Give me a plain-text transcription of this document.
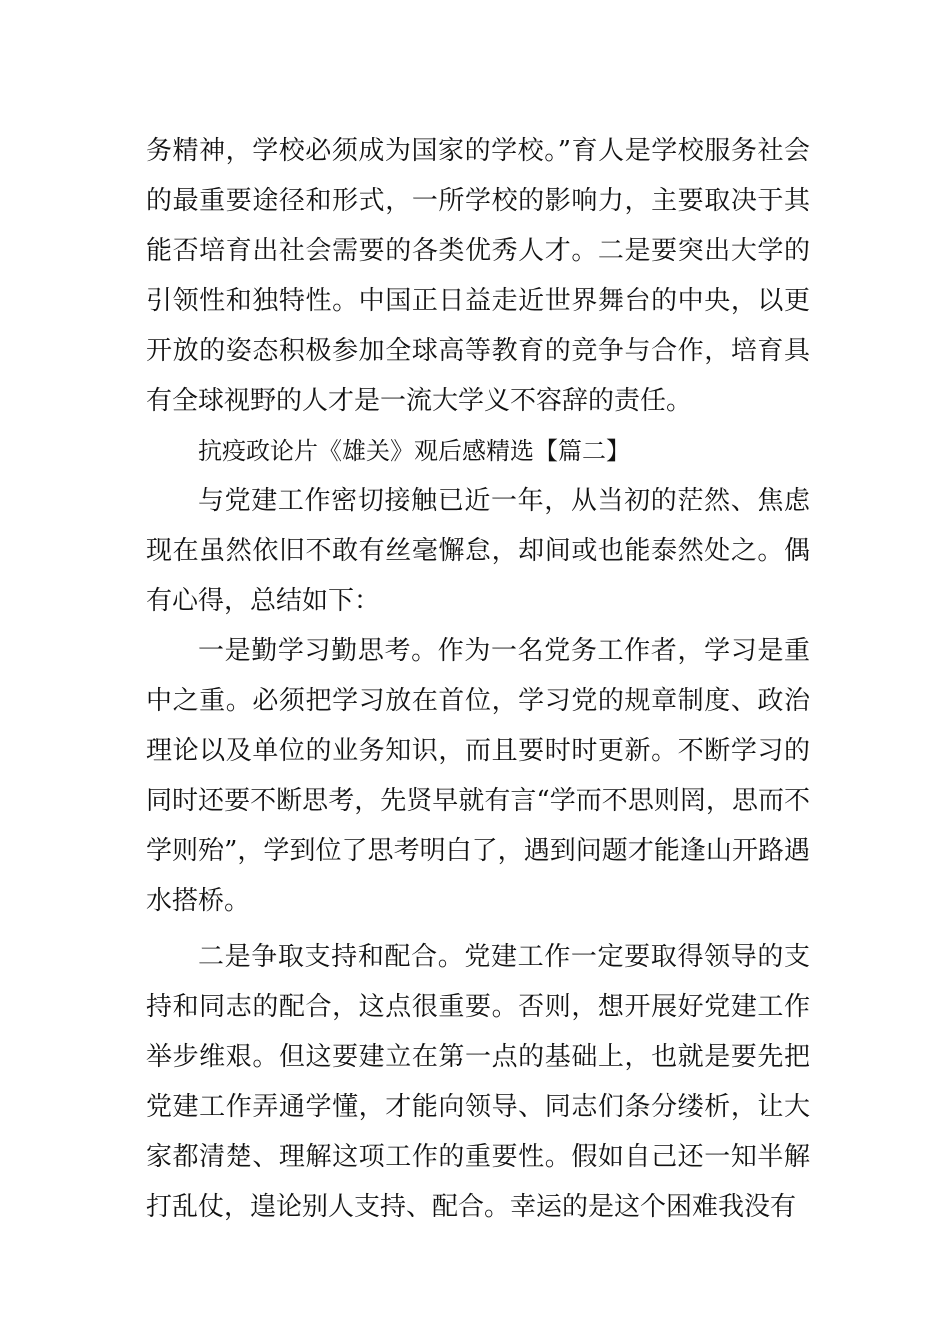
务精神，学校必须成为国家的学校。”育人是学校服务社会的最重要途径和形式，一所学校的影响力，主要取决于其能否培育出社会需要的各类优秀人才。二是要突出大学的引领性和独特性。中国正日益走近世界舞台的中央，以更开放的姿态积极参加全球高等教育的竞争与合作，培育具有全球视野的人才是一流大学义不容辞的责任。

抗疫政论片《雄关》观后感精选【篇二】

与党建工作密切接触已近一年，从当初的茫然、焦虑现在虽然依旧不敢有丝毫懈怠，却间或也能泰然处之。偶有心得，总结如下：

一是勤学习勤思考。作为一名党务工作者，学习是重中之重。必须把学习放在首位，学习党的规章制度、政治理论以及单位的业务知识，而且要时时更新。不断学习的同时还要不断思考，先贤早就有言“学而不思则罔，思而不学则殆”，学到位了思考明白了，遇到问题才能逢山开路遇水搭桥。

二是争取支持和配合。党建工作一定要取得领导的支持和同志的配合，这点很重要。否则，想开展好党建工作举步维艰。但这要建立在第一点的基础上，也就是要先把党建工作弄通学懂，才能向领导、同志们条分缕析，让大家都清楚、理解这项工作的重要性。假如自己还一知半解打乱仗，遑论别人支持、配合。幸运的是这个困难我没有
